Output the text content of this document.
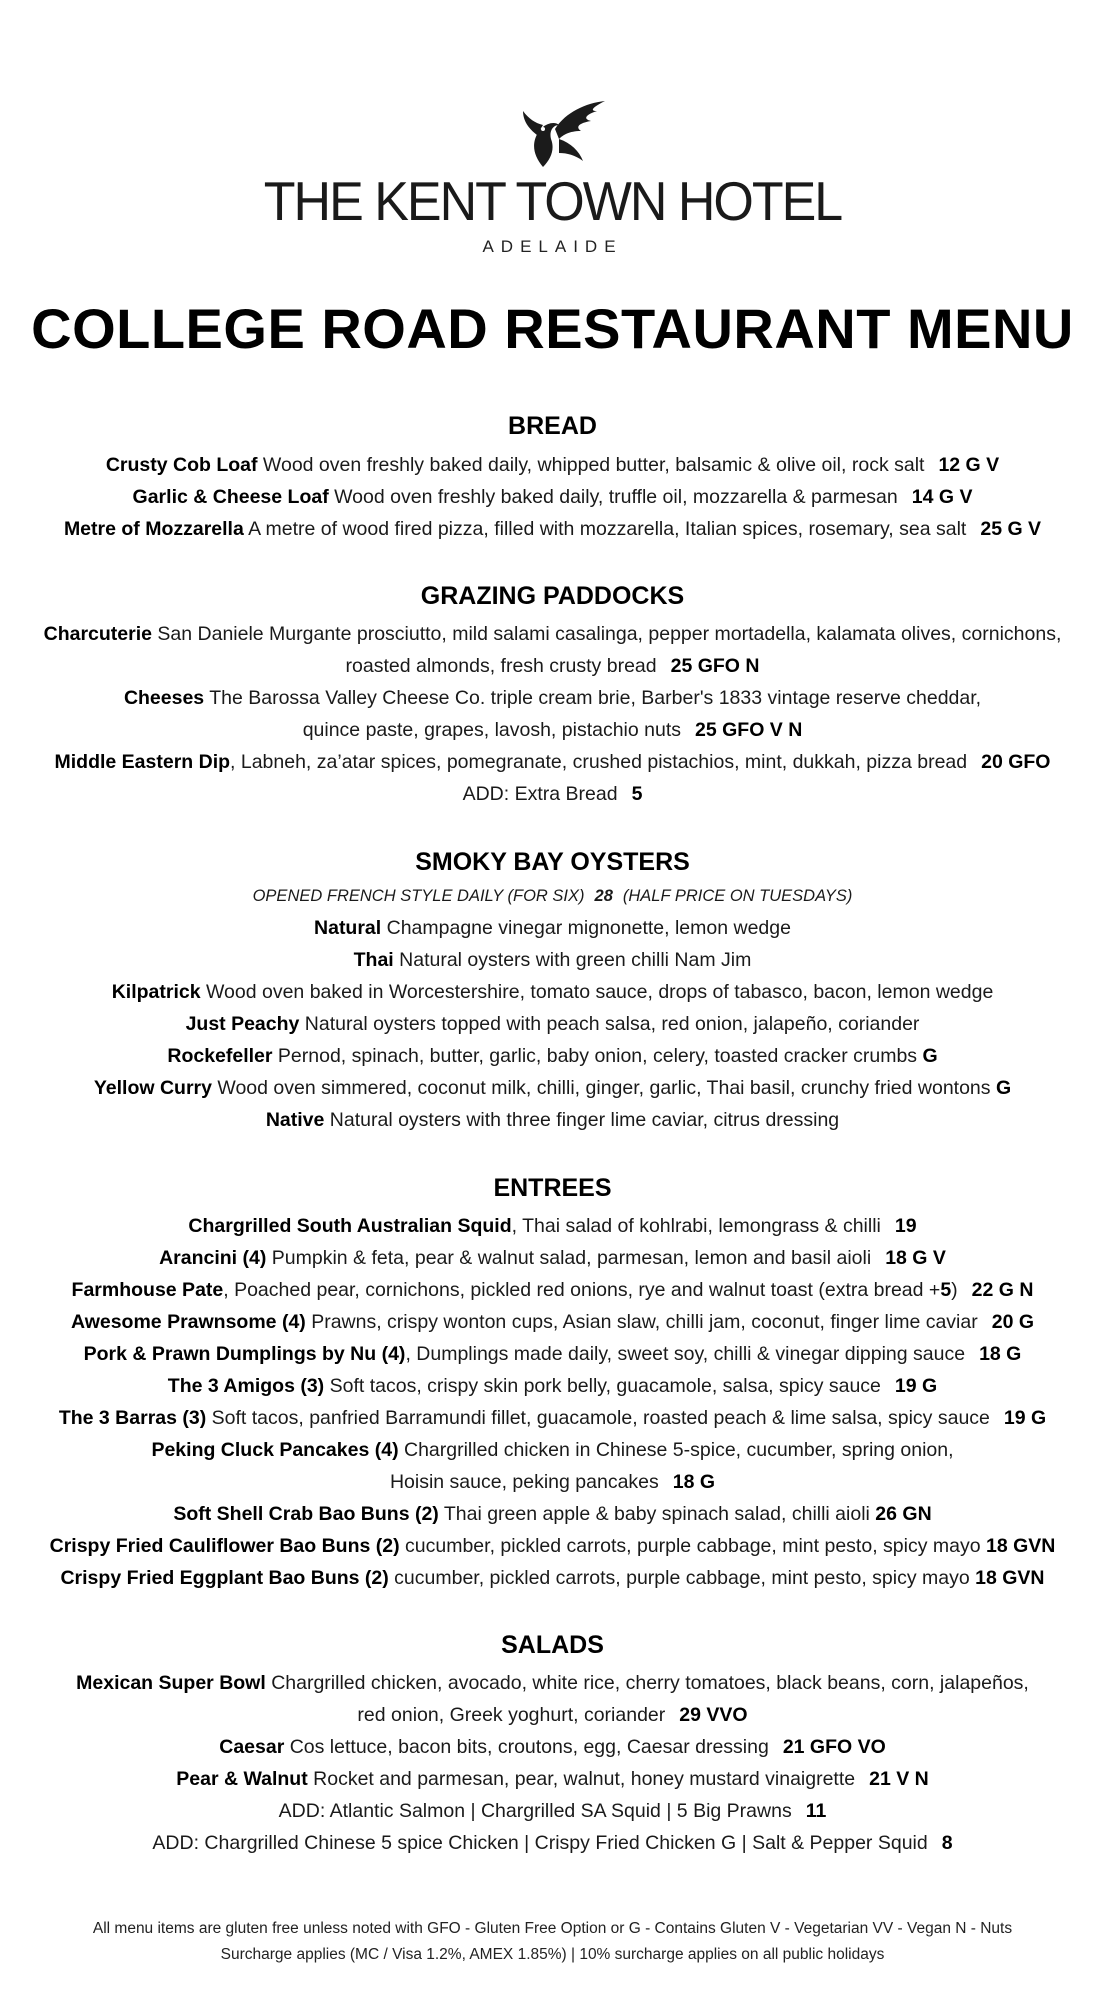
THE KENT TOWN HOTEL
ADELAIDE
COLLEGE ROAD RESTAURANT MENU
BREAD
Crusty Cob Loaf Wood oven freshly baked daily, whipped butter, balsamic & olive oil, rock salt 12 G V
Garlic & Cheese Loaf Wood oven freshly baked daily, truffle oil, mozzarella & parmesan 14 G V
Metre of Mozzarella A metre of wood fired pizza, filled with mozzarella, Italian spices, rosemary, sea salt 25 G V
GRAZING PADDOCKS
Charcuterie San Daniele Murgante prosciutto, mild salami casalinga, pepper mortadella, kalamata olives, cornichons,
roasted almonds, fresh crusty bread 25 GFO N
Cheeses The Barossa Valley Cheese Co. triple cream brie, Barber's 1833 vintage reserve cheddar,
quince paste, grapes, lavosh, pistachio nuts 25 GFO V N
Middle Eastern Dip, Labneh, za’atar spices, pomegranate, crushed pistachios, mint, dukkah, pizza bread 20 GFO
ADD: Extra Bread 5
SMOKY BAY OYSTERS
OPENED FRENCH STYLE DAILY (FOR SIX) 28 (HALF PRICE ON TUESDAYS)
Natural Champagne vinegar mignonette, lemon wedge
Thai Natural oysters with green chilli Nam Jim
Kilpatrick Wood oven baked in Worcestershire, tomato sauce, drops of tabasco, bacon, lemon wedge
Just Peachy Natural oysters topped with peach salsa, red onion, jalapeño, coriander
Rockefeller Pernod, spinach, butter, garlic, baby onion, celery, toasted cracker crumbs G
Yellow Curry Wood oven simmered, coconut milk, chilli, ginger, garlic, Thai basil, crunchy fried wontons G
Native Natural oysters with three finger lime caviar, citrus dressing
ENTREES
Chargrilled South Australian Squid, Thai salad of kohlrabi, lemongrass & chilli 19
Arancini (4) Pumpkin & feta, pear & walnut salad, parmesan, lemon and basil aioli 18 G V
Farmhouse Pate, Poached pear, cornichons, pickled red onions, rye and walnut toast (extra bread +5) 22 G N
Awesome Prawnsome (4) Prawns, crispy wonton cups, Asian slaw, chilli jam, coconut, finger lime caviar 20 G
Pork & Prawn Dumplings by Nu (4), Dumplings made daily, sweet soy, chilli & vinegar dipping sauce 18 G
The 3 Amigos (3) Soft tacos, crispy skin pork belly, guacamole, salsa, spicy sauce 19 G
The 3 Barras (3) Soft tacos, panfried Barramundi fillet, guacamole, roasted peach & lime salsa, spicy sauce 19 G
Peking Cluck Pancakes (4) Chargrilled chicken in Chinese 5-spice, cucumber, spring onion,
Hoisin sauce, peking pancakes 18 G
Soft Shell Crab Bao Buns (2) Thai green apple & baby spinach salad, chilli aioli 26 GN
Crispy Fried Cauliflower Bao Buns (2) cucumber, pickled carrots, purple cabbage, mint pesto, spicy mayo 18 GVN
Crispy Fried Eggplant Bao Buns (2) cucumber, pickled carrots, purple cabbage, mint pesto, spicy mayo 18 GVN
SALADS
Mexican Super Bowl Chargrilled chicken, avocado, white rice, cherry tomatoes, black beans, corn, jalapeños,
red onion, Greek yoghurt, coriander 29 VVO
Caesar Cos lettuce, bacon bits, croutons, egg, Caesar dressing 21 GFO VO
Pear & Walnut Rocket and parmesan, pear, walnut, honey mustard vinaigrette 21 V N
ADD: Atlantic Salmon | Chargrilled SA Squid | 5 Big Prawns 11
ADD: Chargrilled Chinese 5 spice Chicken | Crispy Fried Chicken G | Salt & Pepper Squid 8
All menu items are gluten free unless noted with GFO - Gluten Free Option or G - Contains Gluten V - Vegetarian VV - Vegan N - Nuts
Surcharge applies (MC / Visa 1.2%, AMEX 1.85%) | 10% surcharge applies on all public holidays
